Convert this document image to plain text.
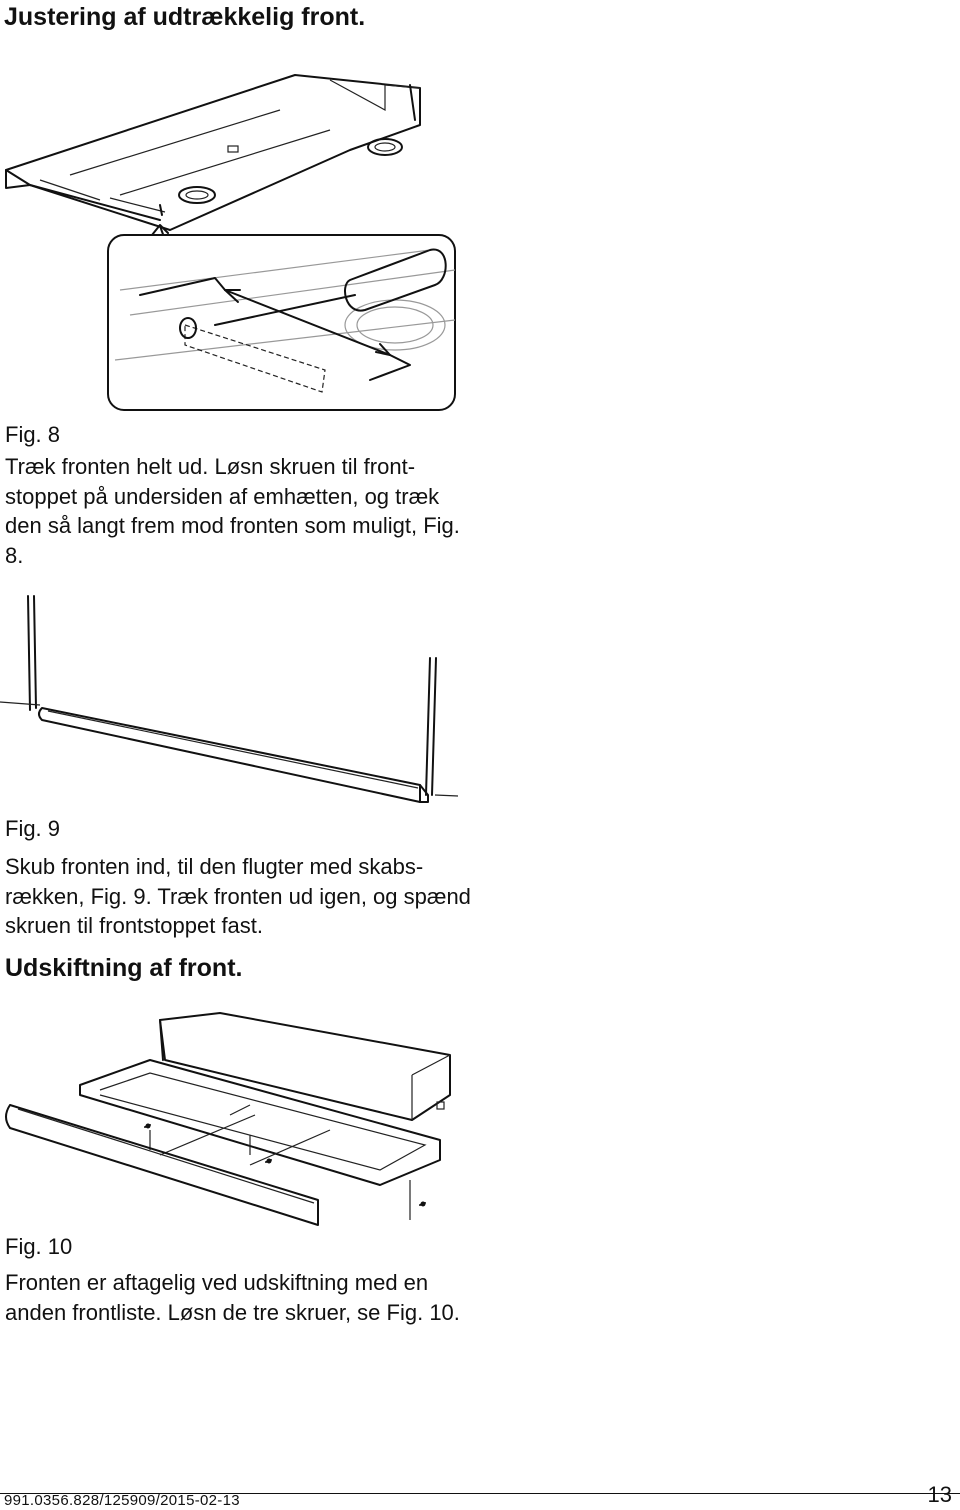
Justering af udtrækkelig front.
Fig. 8
Træk fronten helt ud. Løsn skruen til front- stoppet på undersiden af emhætten, og træk den så langt frem mod fronten som muligt, Fig. 8.
Fig. 9
Skub fronten ind, til den flugter med skabs- rækken, Fig. 9. Træk fronten ud igen, og spænd skruen til frontstoppet fast.
Udskiftning af front.
Fig. 10
Fronten er aftagelig ved udskiftning med en anden frontliste. Løsn de tre skruer, se Fig. 10.
991.0356.828/125909/2015-02-13	13
